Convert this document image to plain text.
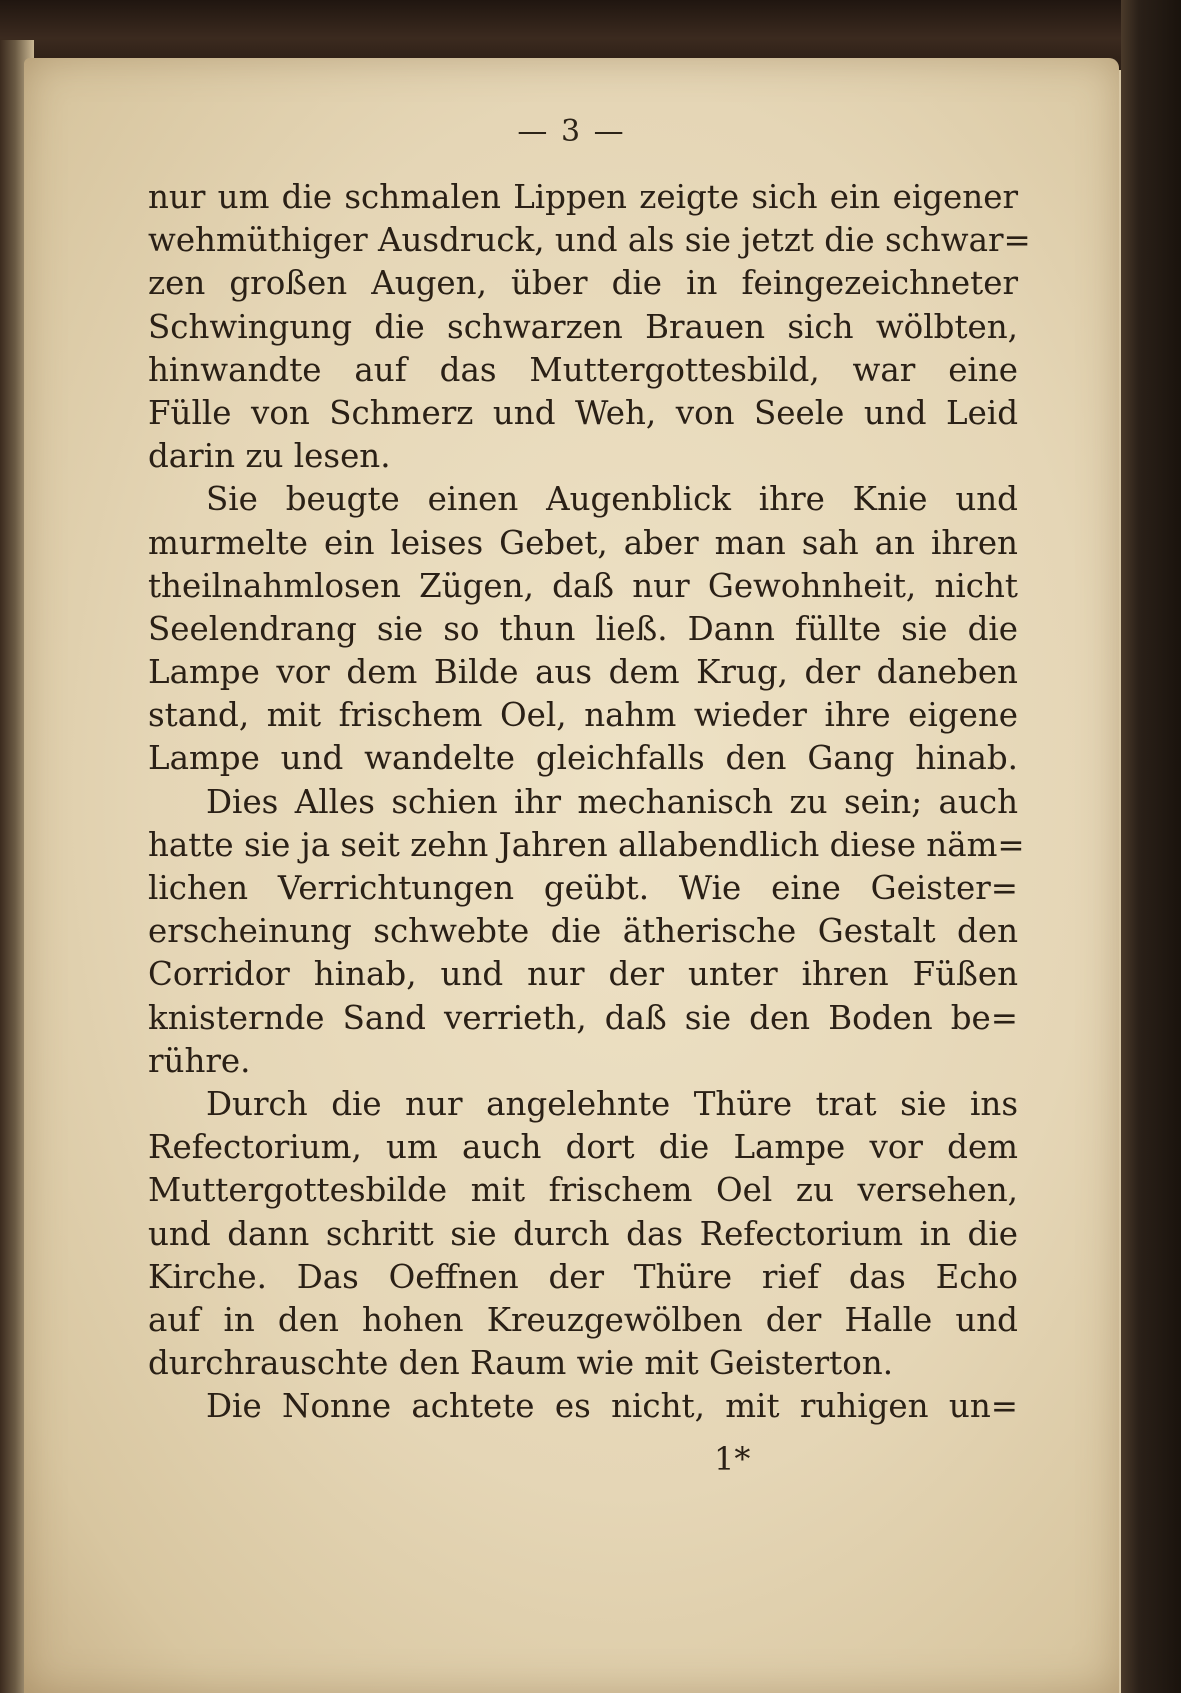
— 3 —
nur um die schmalen Lippen zeigte sich ein eigener
wehmüthiger Ausdruck, und als sie jetzt die schwar=
zen großen Augen, über die in feingezeichneter
Schwingung die schwarzen Brauen sich wölbten,
hinwandte auf das Muttergottesbild, war eine
Fülle von Schmerz und Weh, von Seele und Leid
darin zu lesen.
Sie beugte einen Augenblick ihre Knie und
murmelte ein leises Gebet, aber man sah an ihren
theilnahmlosen Zügen, daß nur Gewohnheit, nicht
Seelendrang sie so thun ließ. Dann füllte sie die
Lampe vor dem Bilde aus dem Krug, der daneben
stand, mit frischem Oel, nahm wieder ihre eigene
Lampe und wandelte gleichfalls den Gang hinab.
Dies Alles schien ihr mechanisch zu sein; auch
hatte sie ja seit zehn Jahren allabendlich diese näm=
lichen Verrichtungen geübt. Wie eine Geister=
erscheinung schwebte die ätherische Gestalt den
Corridor hinab, und nur der unter ihren Füßen
knisternde Sand verrieth, daß sie den Boden be=
rühre.
Durch die nur angelehnte Thüre trat sie ins
Refectorium, um auch dort die Lampe vor dem
Muttergottesbilde mit frischem Oel zu versehen,
und dann schritt sie durch das Refectorium in die
Kirche. Das Oeffnen der Thüre rief das Echo
auf in den hohen Kreuzgewölben der Halle und
durchrauschte den Raum wie mit Geisterton.
Die Nonne achtete es nicht, mit ruhigen un=
1*
